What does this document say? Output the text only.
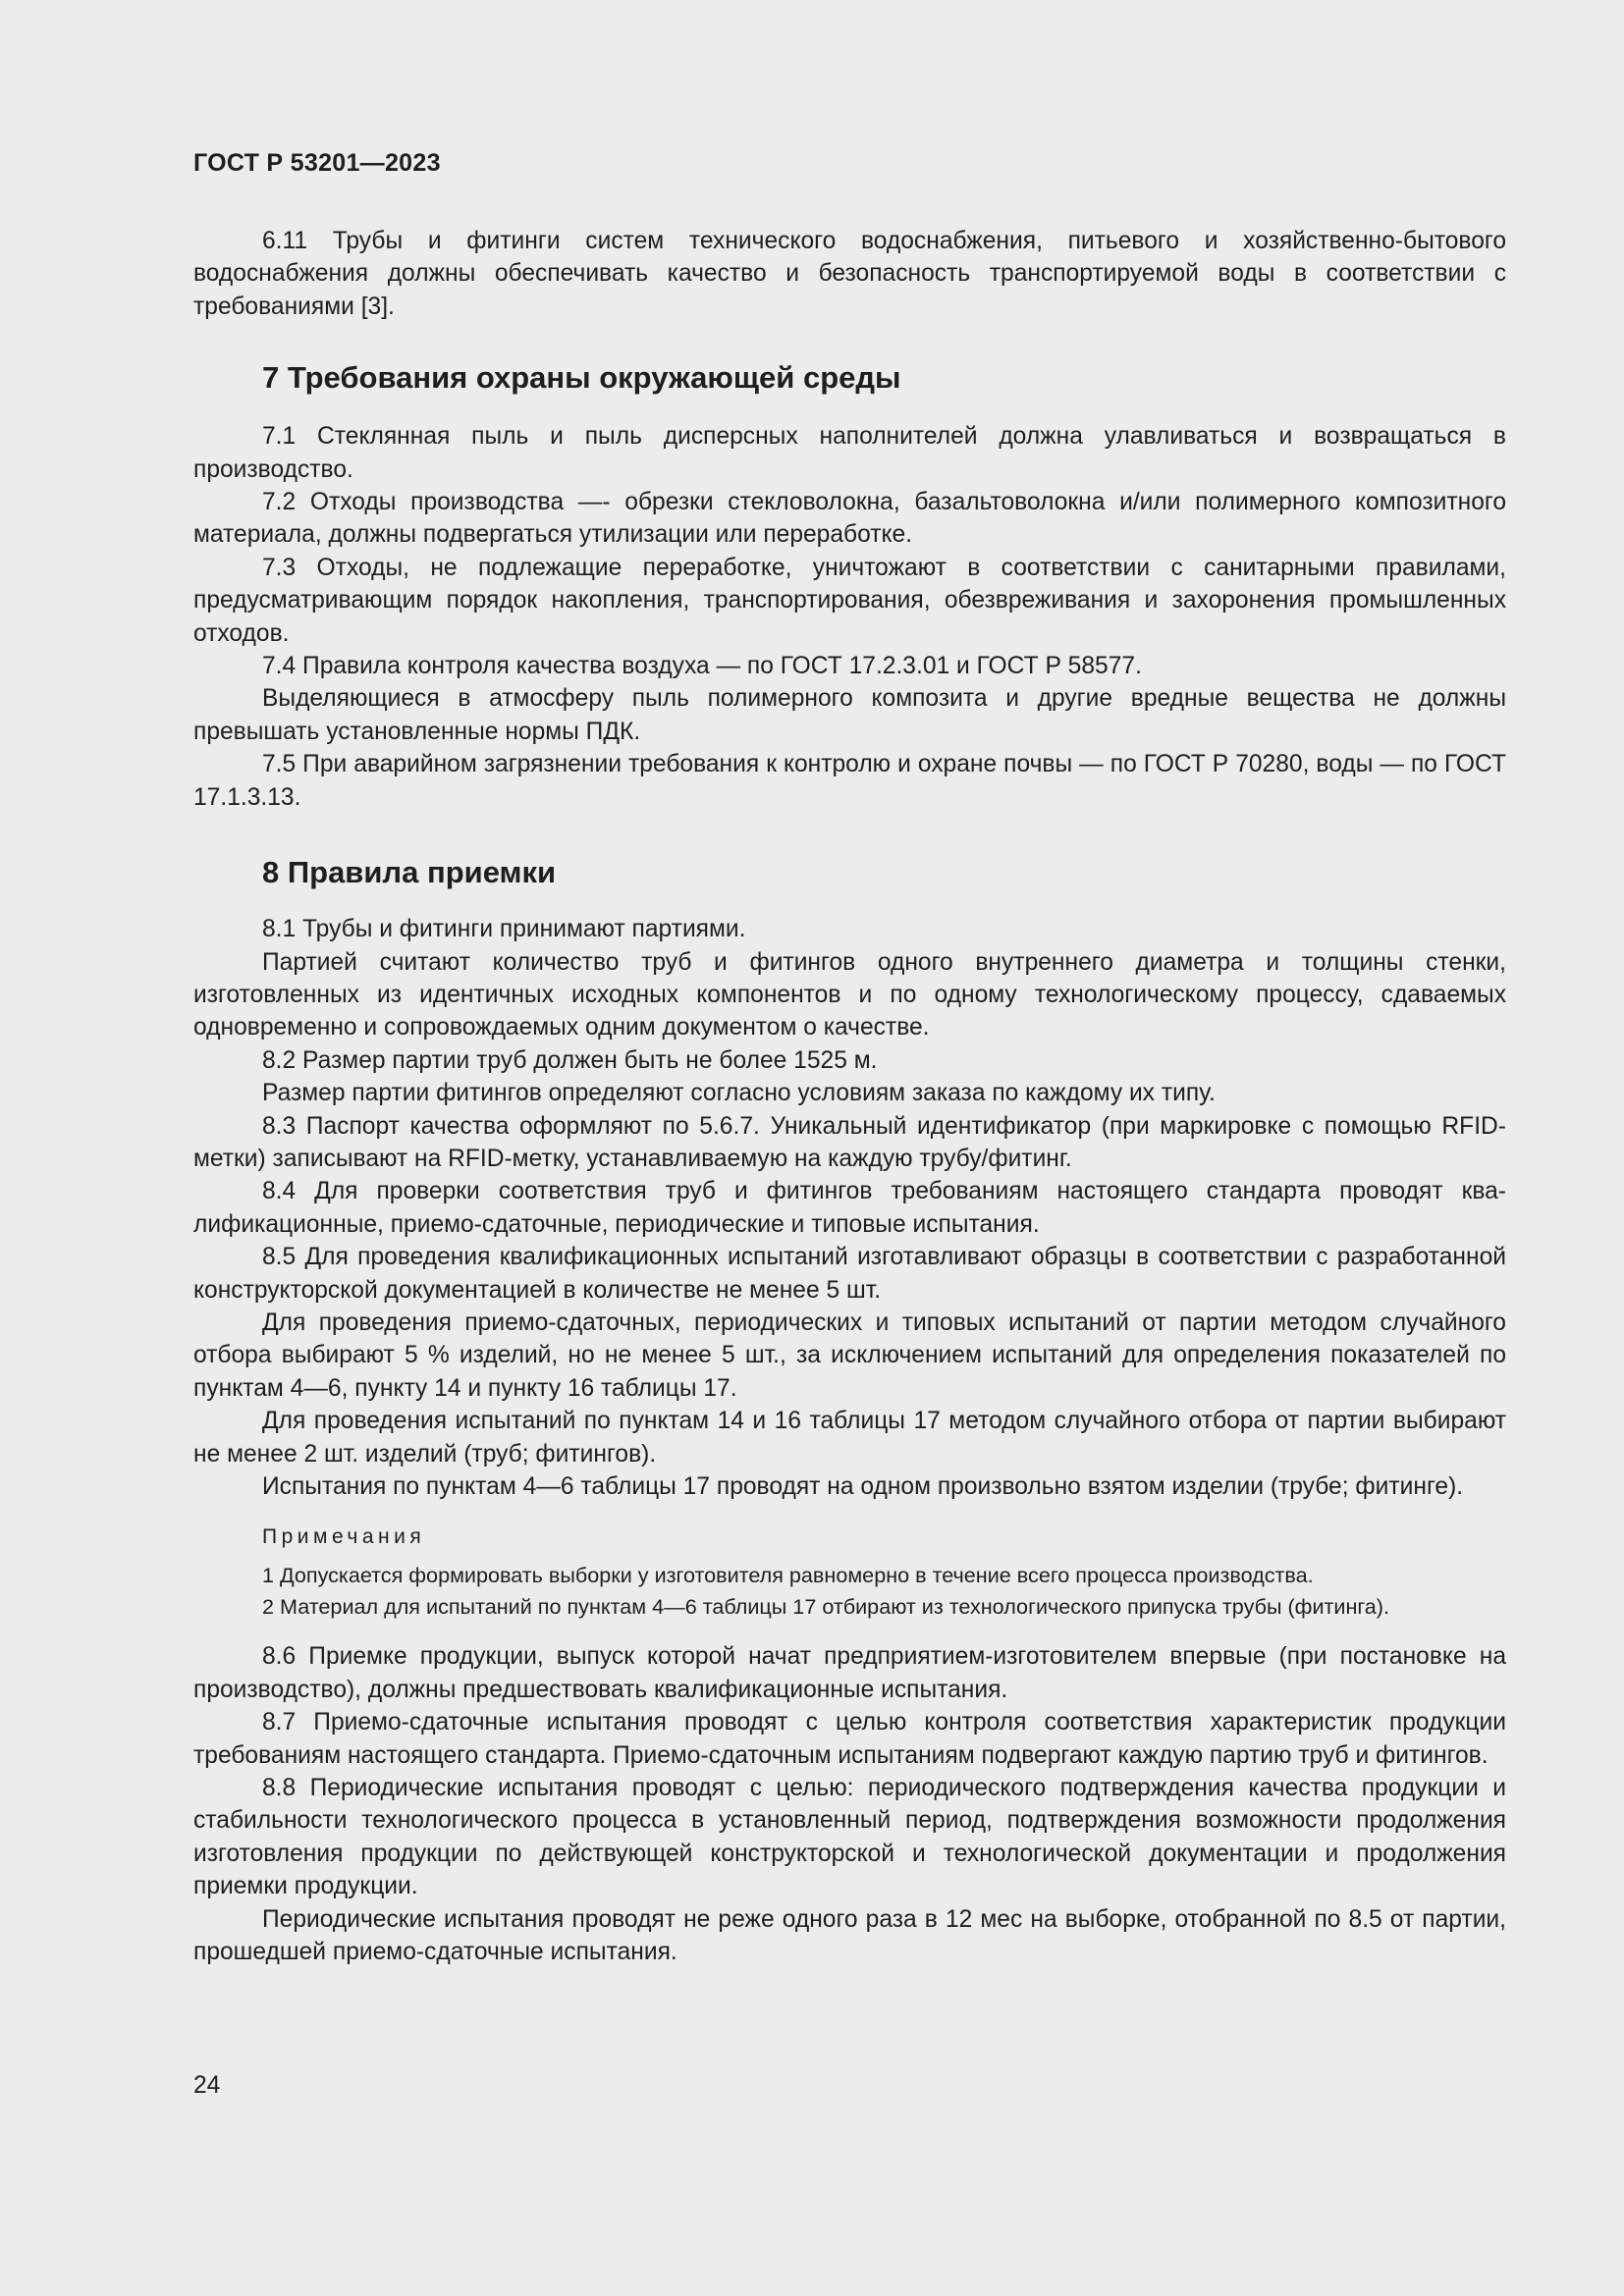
ГОСТ Р 53201—2023

6.11 Трубы и фитинги систем технического водоснабжения, питьевого и хозяйственно-бытового водоснабжения должны обеспечивать качество и безопасность транспортируемой воды в соответствии с требованиями [3].

7 Требования охраны окружающей среды

7.1 Стеклянная пыль и пыль дисперсных наполнителей должна улавливаться и возвращаться в производство.

7.2 Отходы производства —- обрезки стекловолокна, базальтоволокна и/или полимерного композитного материала, должны подвергаться утилизации или переработке.

7.3 Отходы, не подлежащие переработке, уничтожают в соответствии с санитарными правилами, предусматривающим порядок накопления, транспортирования, обезвреживания и захоронения промышленных отходов.

7.4 Правила контроля качества воздуха — по ГОСТ 17.2.3.01 и ГОСТ Р 58577.

Выделяющиеся в атмосферу пыль полимерного композита и другие вредные вещества не должны превышать установленные нормы ПДК.

7.5 При аварийном загрязнении требования к контролю и охране почвы — по ГОСТ Р 70280, воды — по ГОСТ 17.1.3.13.

8 Правила приемки

8.1 Трубы и фитинги принимают партиями.

Партией считают количество труб и фитингов одного внутреннего диаметра и толщины стенки, изготовленных из идентичных исходных компонентов и по одному технологическому процессу, сдаваемых одновременно и сопровождаемых одним документом о качестве.

8.2 Размер партии труб должен быть не более 1525 м.

Размер партии фитингов определяют согласно условиям заказа по каждому их типу.

8.3 Паспорт качества оформляют по 5.6.7. Уникальный идентификатор (при маркировке с помощью RFID-метки) записывают на RFID-метку, устанавливаемую на каждую трубу/фитинг.

8.4 Для проверки соответствия труб и фитингов требованиям настоящего стандарта проводят квалификационные, приемо-сдаточные, периодические и типовые испытания.

8.5 Для проведения квалификационных испытаний изготавливают образцы в соответствии с разработанной конструкторской документацией в количестве не менее 5 шт.

Для проведения приемо-сдаточных, периодических и типовых испытаний от партии методом случайного отбора выбирают 5 % изделий, но не менее 5 шт., за исключением испытаний для определения показателей по пунктам 4—6, пункту 14 и пункту 16 таблицы 17.

Для проведения испытаний по пунктам 14 и 16 таблицы 17 методом случайного отбора от партии выбирают не менее 2 шт. изделий (труб; фитингов).

Испытания по пунктам 4—6 таблицы 17 проводят на одном произвольно взятом изделии (трубе; фитинге).

Примечания

1 Допускается формировать выборки у изготовителя равномерно в течение всего процесса производства.

2 Материал для испытаний по пунктам 4—6 таблицы 17 отбирают из технологического припуска трубы (фитинга).

8.6 Приемке продукции, выпуск которой начат предприятием-изготовителем впервые (при постановке на производство), должны предшествовать квалификационные испытания.

8.7 Приемо-сдаточные испытания проводят с целью контроля соответствия характеристик продукции требованиям настоящего стандарта. Приемо-сдаточным испытаниям подвергают каждую партию труб и фитингов.

8.8 Периодические испытания проводят с целью: периодического подтверждения качества продукции и стабильности технологического процесса в установленный период, подтверждения возможности продолжения изготовления продукции по действующей конструкторской и технологической документации и продолжения приемки продукции.

Периодические испытания проводят не реже одного раза в 12 мес на выборке, отобранной по 8.5 от партии, прошедшей приемо-сдаточные испытания.

24
